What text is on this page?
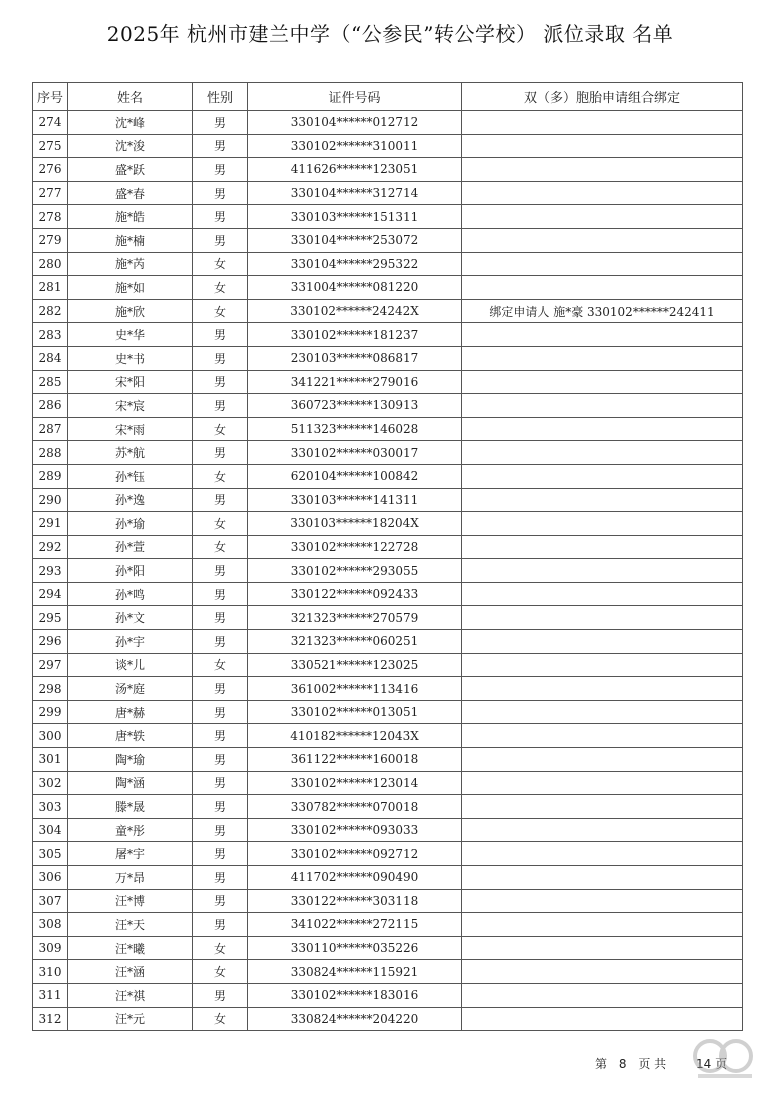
2025年 杭州市建兰中学（“公参民”转公学校） 派位录取 名单
序号	姓名	性别	证件号码	双（多）胞胎申请组合绑定
274	沈*峰	男	330104******012712	
275	沈*浚	男	330102******310011	
276	盛*跃	男	411626******123051	
277	盛*春	男	330104******312714	
278	施*皓	男	330103******151311	
279	施*楠	男	330104******253072	
280	施*芮	女	330104******295322	
281	施*如	女	331004******081220	
282	施*欣	女	330102******24242X	绑定申请人 施*豪 330102******242411
283	史*华	男	330102******181237	
284	史*书	男	230103******086817	
285	宋*阳	男	341221******279016	
286	宋*宸	男	360723******130913	
287	宋*雨	女	511323******146028	
288	苏*航	男	330102******030017	
289	孙*钰	女	620104******100842	
290	孙*逸	男	330103******141311	
291	孙*瑜	女	330103******18204X	
292	孙*萱	女	330102******122728	
293	孙*阳	男	330102******293055	
294	孙*鸣	男	330122******092433	
295	孙*文	男	321323******270579	
296	孙*宇	男	321323******060251	
297	谈*儿	女	330521******123025	
298	汤*庭	男	361002******113416	
299	唐*赫	男	330102******013051	
300	唐*轶	男	410182******12043X	
301	陶*瑜	男	361122******160018	
302	陶*涵	男	330102******123014	
303	滕*晟	男	330782******070018	
304	童*彤	男	330102******093033	
305	屠*宇	男	330102******092712	
306	万*昂	男	411702******090490	
307	汪*博	男	330122******303118	
308	汪*天	男	341022******272115	
309	汪*曦	女	330110******035226	
310	汪*涵	女	330824******115921	
311	汪*祺	男	330102******183016	
312	汪*元	女	330824******204220	
第 8 页 共 14 页
